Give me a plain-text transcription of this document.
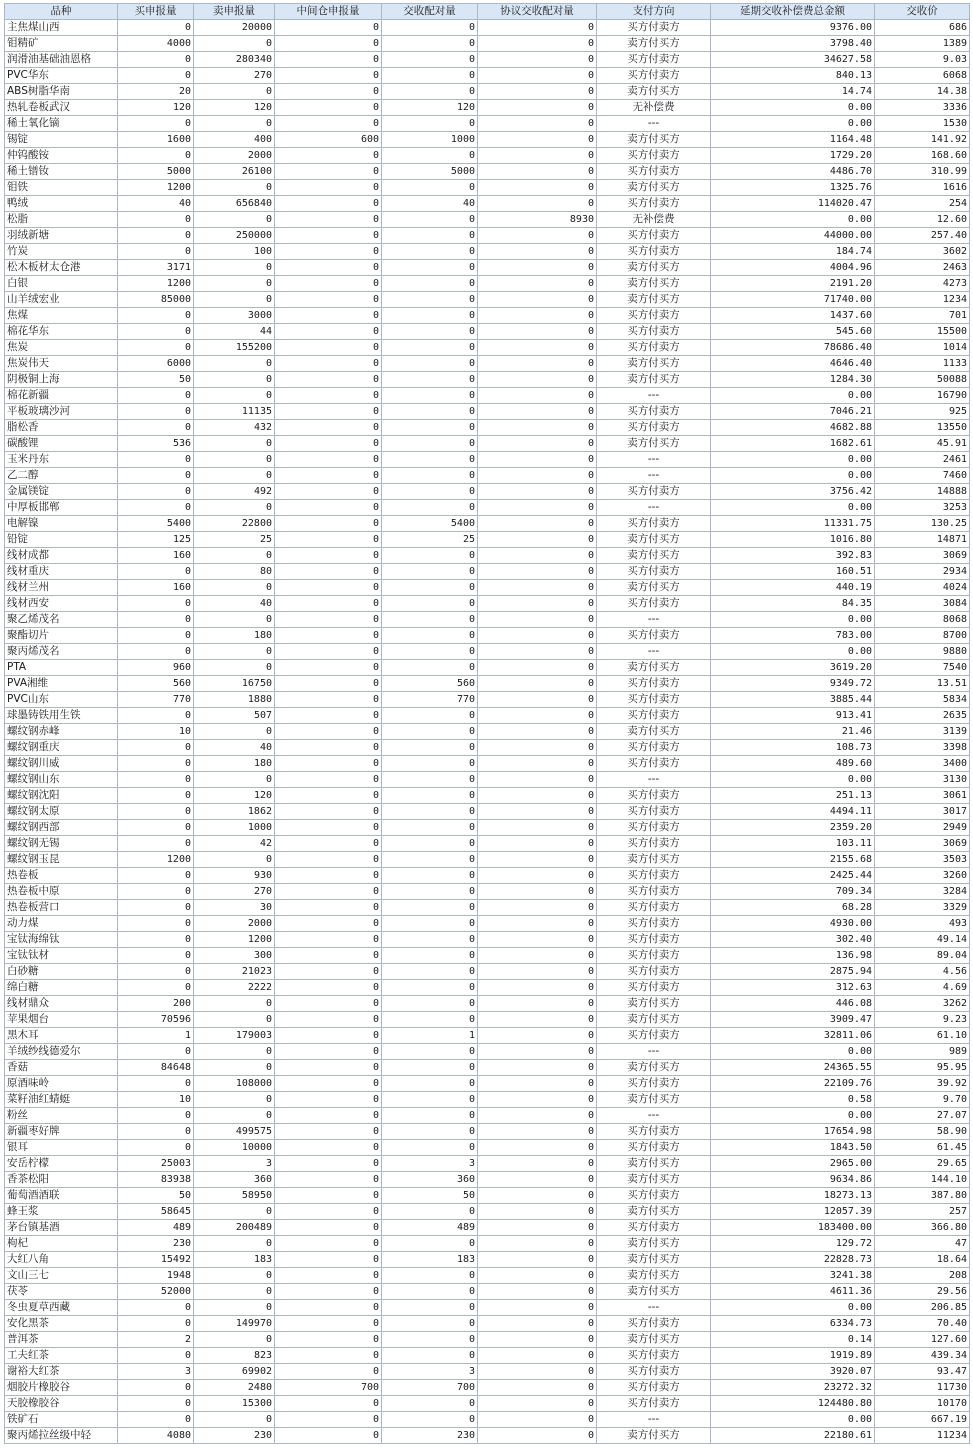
品种	买申报量	卖申报量	中间仓申报量	交收配对量	协议交收配对量	支付方向	延期交收补偿费总金额	交收价
主焦煤山西	0	20000	0	0	0	买方付卖方	9376.00	686
钼精矿	4000	0	0	0	0	卖方付买方	3798.40	1389
润滑油基础油恩格	0	280340	0	0	0	买方付卖方	34627.58	9.03
PVC华东	0	270	0	0	0	买方付卖方	840.13	6068
ABS树脂华南	20	0	0	0	0	卖方付买方	14.74	14.38
热轧卷板武汉	120	120	0	120	0	无补偿费	0.00	3336
稀土氧化镝	0	0	0	0	0	---	0.00	1530
锡锭	1600	400	600	1000	0	卖方付买方	1164.48	141.92
仲钨酸铵	0	2000	0	0	0	买方付卖方	1729.20	168.60
稀土镨钕	5000	26100	0	5000	0	买方付卖方	4486.70	310.99
钼铁	1200	0	0	0	0	卖方付买方	1325.76	1616
鸭绒	40	656840	0	40	0	买方付卖方	114020.47	254
松脂	0	0	0	0	8930	无补偿费	0.00	12.60
羽绒新塘	0	250000	0	0	0	买方付卖方	44000.00	257.40
竹炭	0	100	0	0	0	买方付卖方	184.74	3602
松木板材太仓港	3171	0	0	0	0	卖方付买方	4004.96	2463
白银	1200	0	0	0	0	卖方付买方	2191.20	4273
山羊绒宏业	85000	0	0	0	0	卖方付买方	71740.00	1234
焦煤	0	3000	0	0	0	买方付卖方	1437.60	701
棉花华东	0	44	0	0	0	买方付卖方	545.60	15500
焦炭	0	155200	0	0	0	买方付卖方	78686.40	1014
焦炭伟天	6000	0	0	0	0	卖方付买方	4646.40	1133
阴极铜上海	50	0	0	0	0	卖方付买方	1284.30	50088
棉花新疆	0	0	0	0	0	---	0.00	16790
平板玻璃沙河	0	11135	0	0	0	买方付卖方	7046.21	925
脂松香	0	432	0	0	0	买方付卖方	4682.88	13550
碳酸锂	536	0	0	0	0	卖方付买方	1682.61	45.91
玉米丹东	0	0	0	0	0	---	0.00	2461
乙二醇	0	0	0	0	0	---	0.00	7460
金属镁锭	0	492	0	0	0	买方付卖方	3756.42	14888
中厚板邯郸	0	0	0	0	0	---	0.00	3253
电解镍	5400	22800	0	5400	0	买方付卖方	11331.75	130.25
铅锭	125	25	0	25	0	卖方付买方	1016.80	14871
线材成都	160	0	0	0	0	卖方付买方	392.83	3069
线材重庆	0	80	0	0	0	买方付卖方	160.51	2934
线材兰州	160	0	0	0	0	卖方付买方	440.19	4024
线材西安	0	40	0	0	0	买方付卖方	84.35	3084
聚乙烯茂名	0	0	0	0	0	---	0.00	8068
聚酯切片	0	180	0	0	0	买方付卖方	783.00	8700
聚丙烯茂名	0	0	0	0	0	---	0.00	9880
PTA	960	0	0	0	0	卖方付买方	3619.20	7540
PVA湘维	560	16750	0	560	0	买方付卖方	9349.72	13.51
PVC山东	770	1880	0	770	0	买方付卖方	3885.44	5834
球墨铸铁用生铁	0	507	0	0	0	买方付卖方	913.41	2635
螺纹钢赤峰	10	0	0	0	0	卖方付买方	21.46	3139
螺纹钢重庆	0	40	0	0	0	买方付卖方	108.73	3398
螺纹钢川威	0	180	0	0	0	买方付卖方	489.60	3400
螺纹钢山东	0	0	0	0	0	---	0.00	3130
螺纹钢沈阳	0	120	0	0	0	买方付卖方	251.13	3061
螺纹钢太原	0	1862	0	0	0	买方付卖方	4494.11	3017
螺纹钢西部	0	1000	0	0	0	买方付卖方	2359.20	2949
螺纹钢无锡	0	42	0	0	0	买方付卖方	103.11	3069
螺纹钢玉昆	1200	0	0	0	0	卖方付买方	2155.68	3503
热卷板	0	930	0	0	0	买方付卖方	2425.44	3260
热卷板中原	0	270	0	0	0	买方付卖方	709.34	3284
热卷板营口	0	30	0	0	0	买方付卖方	68.28	3329
动力煤	0	2000	0	0	0	买方付卖方	4930.00	493
宝钛海绵钛	0	1200	0	0	0	买方付卖方	302.40	49.14
宝钛钛材	0	300	0	0	0	买方付卖方	136.98	89.04
白砂糖	0	21023	0	0	0	买方付卖方	2875.94	4.56
绵白糖	0	2222	0	0	0	买方付卖方	312.63	4.69
线材鼎众	200	0	0	0	0	卖方付买方	446.08	3262
苹果烟台	70596	0	0	0	0	卖方付买方	3909.47	9.23
黑木耳	1	179003	0	1	0	买方付卖方	32811.06	61.10
羊绒纱线德爱尔	0	0	0	0	0	---	0.00	989
香菇	84648	0	0	0	0	卖方付买方	24365.55	95.95
原酒味岭	0	108000	0	0	0	买方付卖方	22109.76	39.92
菜籽油红蜻蜓	10	0	0	0	0	卖方付买方	0.58	9.70
粉丝	0	0	0	0	0	---	0.00	27.07
新疆枣好牌	0	499575	0	0	0	买方付卖方	17654.98	58.90
银耳	0	10000	0	0	0	买方付卖方	1843.50	61.45
安岳柠檬	25003	3	0	3	0	卖方付买方	2965.00	29.65
香茶松阳	83938	360	0	360	0	卖方付买方	9634.86	144.10
葡萄酒酒联	50	58950	0	50	0	买方付卖方	18273.13	387.80
蜂王浆	58645	0	0	0	0	卖方付买方	12057.39	257
茅台镇基酒	489	200489	0	489	0	买方付卖方	183400.00	366.80
枸杞	230	0	0	0	0	卖方付买方	129.72	47
大红八角	15492	183	0	183	0	卖方付买方	22828.73	18.64
文山三七	1948	0	0	0	0	卖方付买方	3241.38	208
茯苓	52000	0	0	0	0	卖方付买方	4611.36	29.56
冬虫夏草西藏	0	0	0	0	0	---	0.00	206.85
安化黑茶	0	149970	0	0	0	买方付卖方	6334.73	70.40
普洱茶	2	0	0	0	0	卖方付买方	0.14	127.60
工夫红茶	0	823	0	0	0	买方付卖方	1919.89	439.34
谢裕大红茶	3	69902	0	3	0	买方付卖方	3920.07	93.47
烟胶片橡胶谷	0	2480	700	700	0	买方付卖方	23272.32	11730
天胶橡胶谷	0	15300	0	0	0	买方付卖方	124480.80	10170
铁矿石	0	0	0	0	0	---	0.00	667.19
聚丙烯拉丝级中轻	4080	230	0	230	0	卖方付买方	22180.61	11234
